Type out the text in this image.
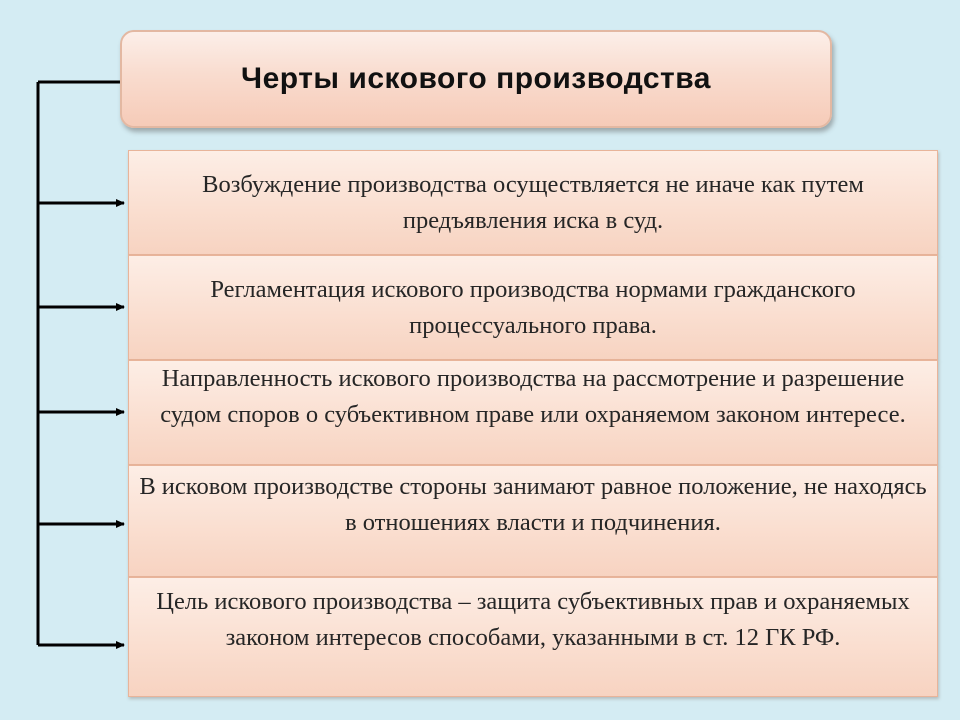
Черты искового производства
Возбуждение производства осуществляется не иначе как путем предъявления иска в суд.
Регламентация искового производства нормами гражданского процессуального права.
Направленность искового производства на рассмотрение и разрешение судом споров о субъективном праве или охраняемом законом интересе.
В исковом производстве стороны занимают равное положение, не находясь в отношениях власти и подчинения.
Цель искового производства – защита субъективных прав и охраняемых законом интересов способами, указанными в ст. 12 ГК РФ.
